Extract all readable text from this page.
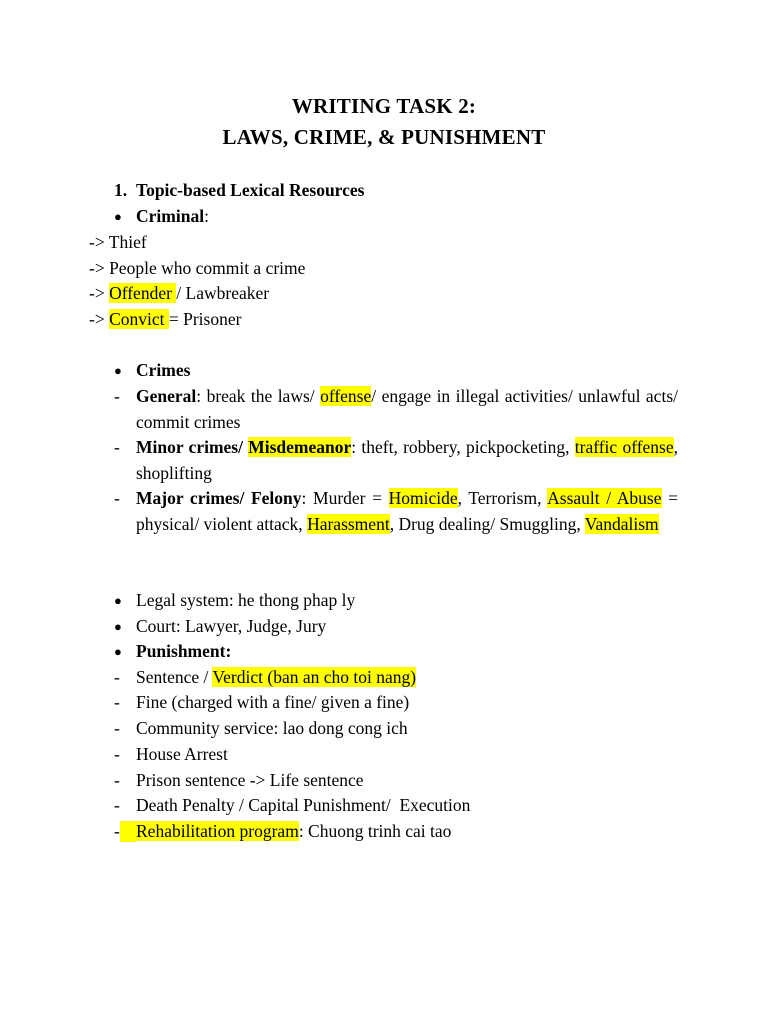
WRITING TASK 2:
LAWS, CRIME, & PUNISHMENT
1. Topic-based Lexical Resources
● Criminal:
-> Thief
-> People who commit a crime
-> Offender / Lawbreaker
-> Convict = Prisoner
● Crimes
- General: break the laws/ offense/ engage in illegal activities/ unlawful acts/ commit crimes
- Minor crimes/ Misdemeanor: theft, robbery, pickpocketing, traffic offense, shoplifting
- Major crimes/ Felony: Murder = Homicide, Terrorism, Assault / Abuse = physical/ violent attack, Harassment, Drug dealing/ Smuggling, Vandalism
● Legal system: he thong phap ly
● Court: Lawyer, Judge, Jury
● Punishment:
- Sentence / Verdict (ban an cho toi nang)
- Fine (charged with a fine/ given a fine)
- Community service: lao dong cong ich
- House Arrest
- Prison sentence -> Life sentence
- Death Penalty / Capital Punishment/  Execution
- Rehabilitation program: Chuong trinh cai tao
